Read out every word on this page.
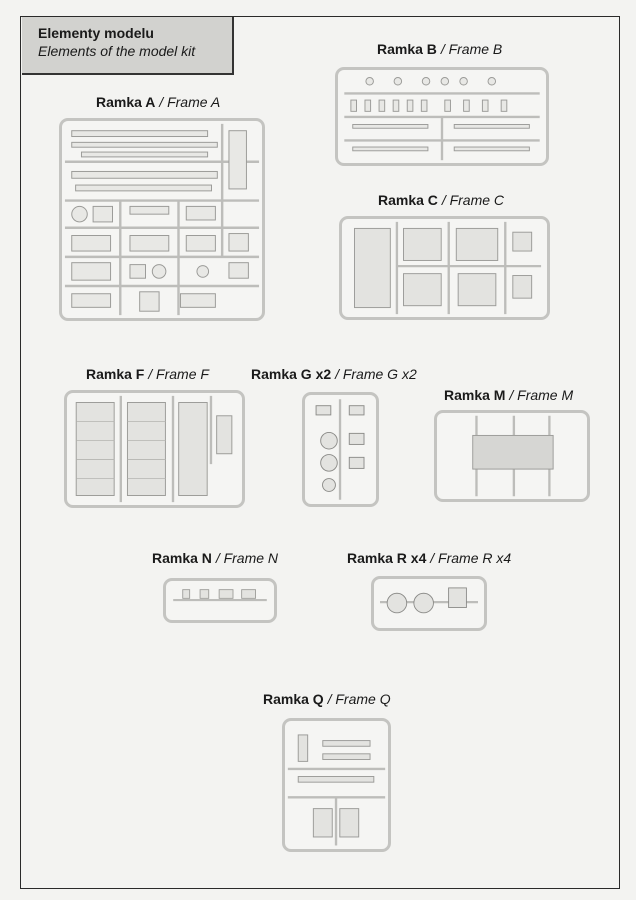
Elementy modelu
Elements of the model kit
Ramka A / Frame A
Ramka B / Frame B
Ramka C / Frame C
Ramka F / Frame F	Ramka G x2 / Frame G x2
Ramka M / Frame M
Ramka N / Frame N	Ramka R x4 / Frame R x4
Ramka Q / Frame Q
